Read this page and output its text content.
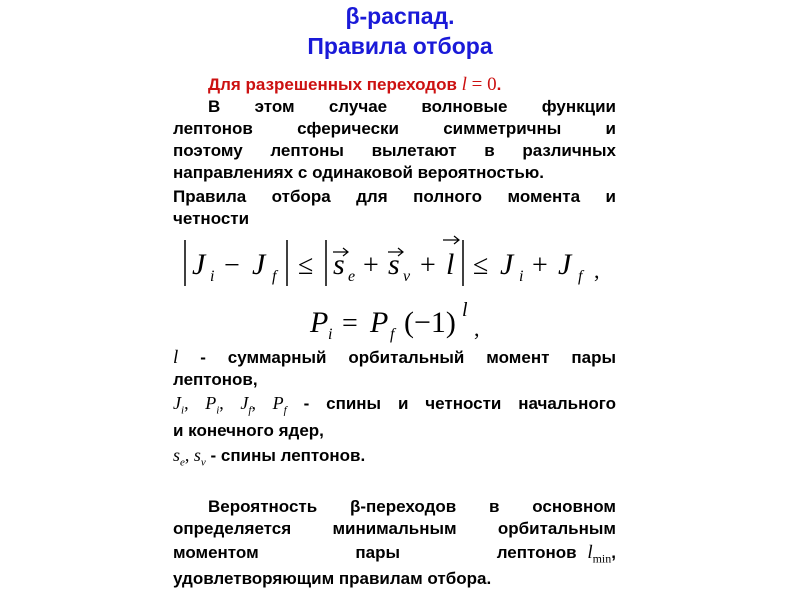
β-распад.
Правила отбора
Для разрешенных переходов l = 0.
В этом случае волновые функции
лептонов сферически симметричны и
поэтому лептоны вылетают в различных
направлениях с одинаковой вероятностью.
Правила отбора для полного момента и
четности
J i − J f ≤ s e + s ν + l ≤ J i + J f ,
P i = P f (−1) l
,
l - суммарный орбитальный момент пары
лептонов,
$J_i$, $P_i$, $J_f$, $P_f$ - спины и четности начального
и конечного ядер,
$s_e$, $s_\nu$ - спины лептонов.
Вероятность β-переходов в основном
определяется минимальным орбитальным
моментом пары лептонов $l_{min}$,
удовлетворяющим правилам отбора.
